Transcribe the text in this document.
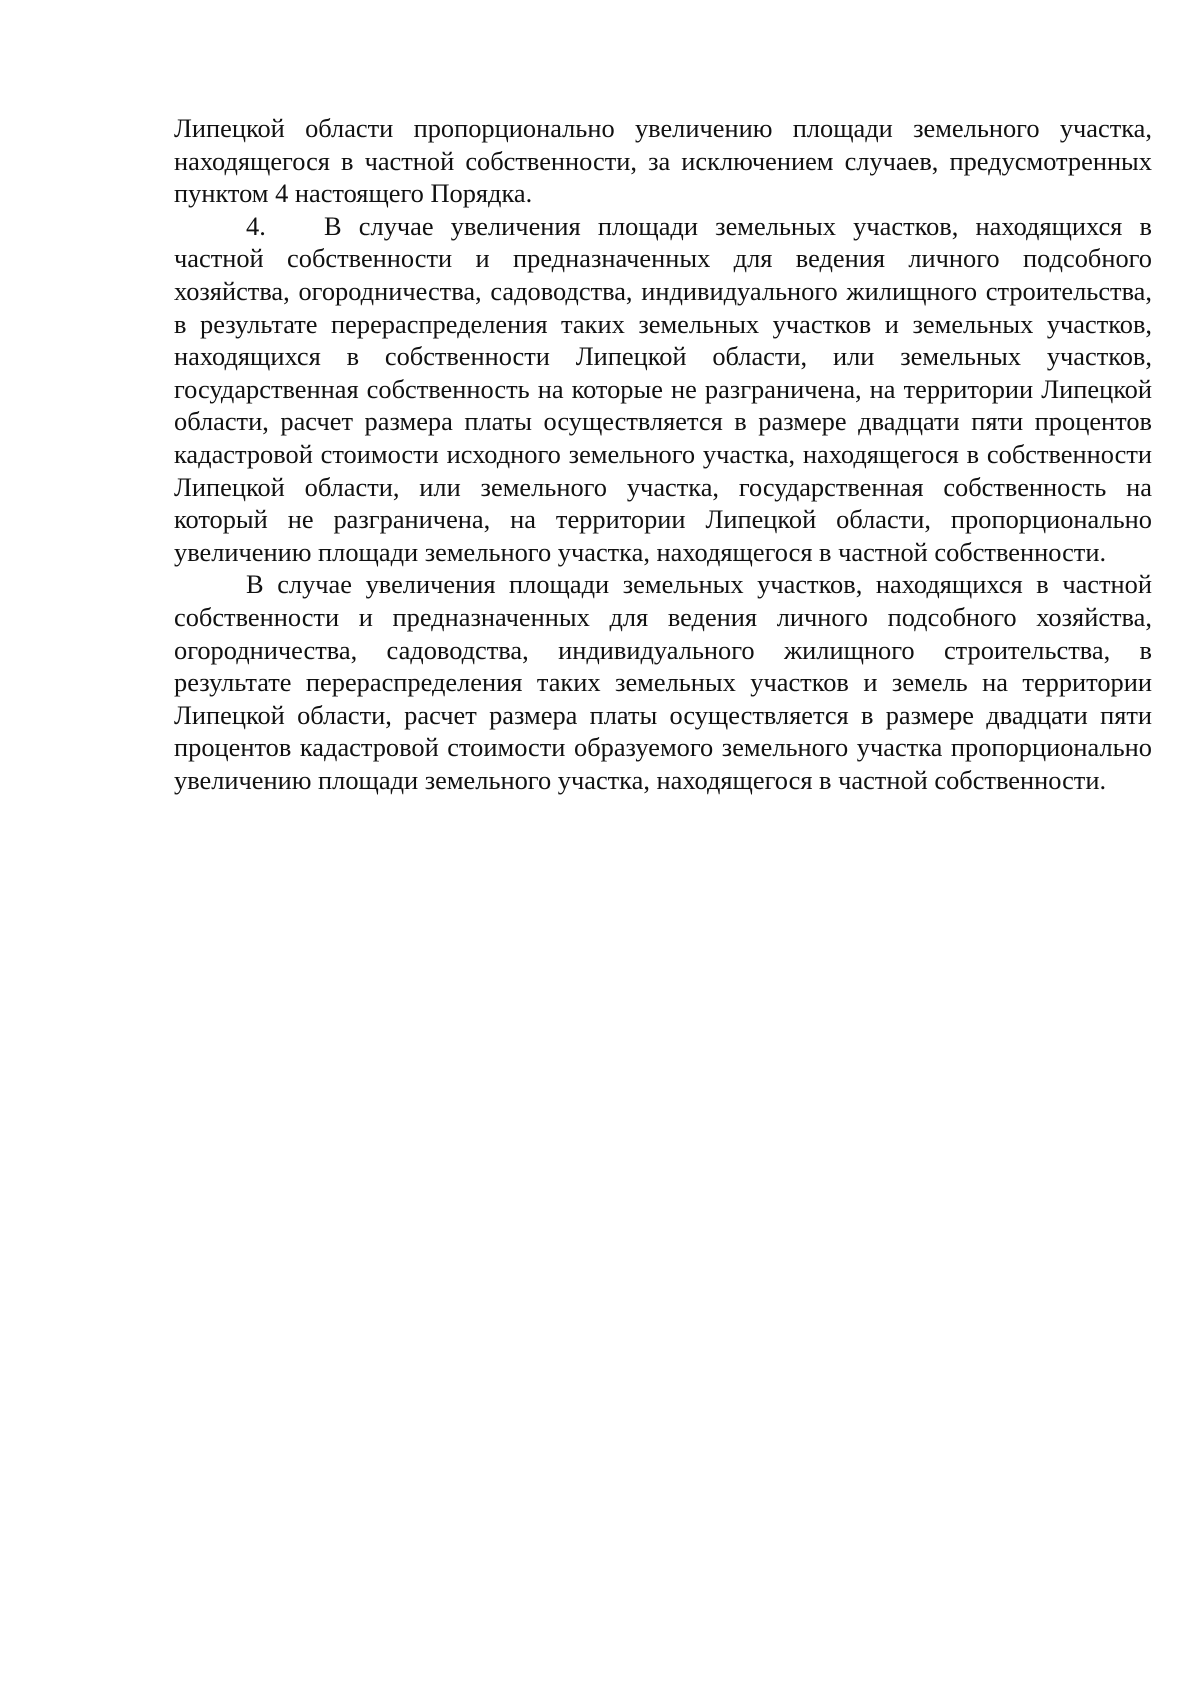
Липецкой области пропорционально увеличению площади земельного участка, находящегося в частной собственности, за исключением случаев, предусмотренных пунктом 4 настоящего Порядка.

4. В случае увеличения площади земельных участков, находящихся в частной собственности и предназначенных для ведения личного подсобного хозяйства, огородничества, садоводства, индивидуального жилищного строительства, в результате перераспределения таких земельных участков и земельных участков, находящихся в собственности Липецкой области, или земельных участков, государственная собственность на которые не разграничена, на территории Липецкой области, расчет размера платы осуществляется в размере двадцати пяти процентов кадастровой стоимости исходного земельного участка, находящегося в собственности Липецкой области, или земельного участка, государственная собственность на который не разграничена, на территории Липецкой области, пропорционально увеличению площади земельного участка, находящегося в частной собственности.

В случае увеличения площади земельных участков, находящихся в частной собственности и предназначенных для ведения личного подсобного хозяйства, огородничества, садоводства, индивидуального жилищного строительства, в результате перераспределения таких земельных участков и земель на территории Липецкой области, расчет размера платы осуществляется в размере двадцати пяти процентов кадастровой стоимости образуемого земельного участка пропорционально увеличению площади земельного участка, находящегося в частной собственности.
